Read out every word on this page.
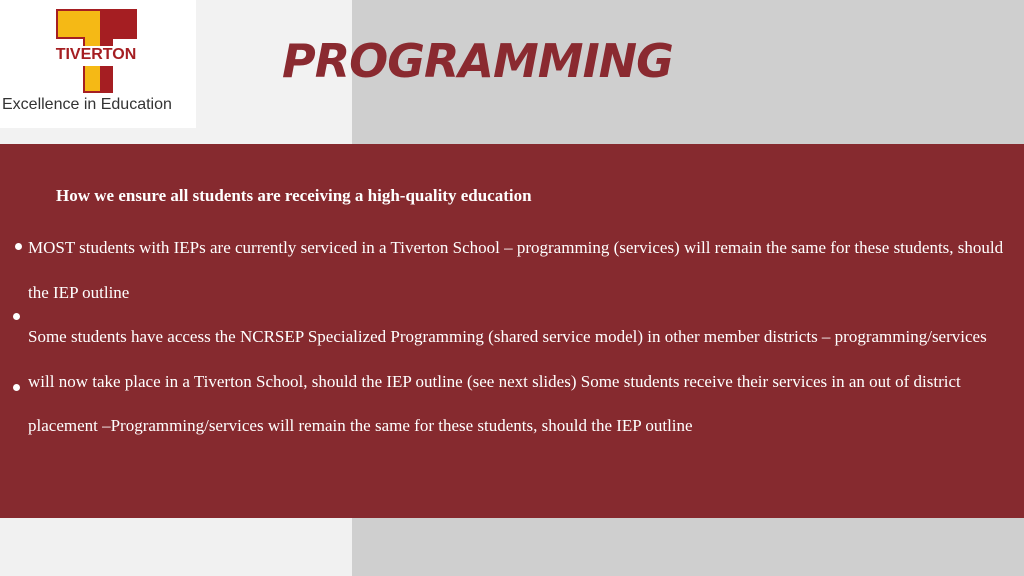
TIVERTON
Excellence in Education
PROGRAMMING
How we ensure all students are receiving a high-quality education
MOST students with IEPs are currently serviced in a Tiverton School – programming (services) will remain the same for these students, should the IEP outline
Some students have access the NCRSEP Specialized Programming (shared service model) in other member districts – programming/services will now take place in a Tiverton School, should the IEP outline (see next slides) Some students receive their services in an out of district placement –Programming/services will remain the same for these students, should the IEP outline
